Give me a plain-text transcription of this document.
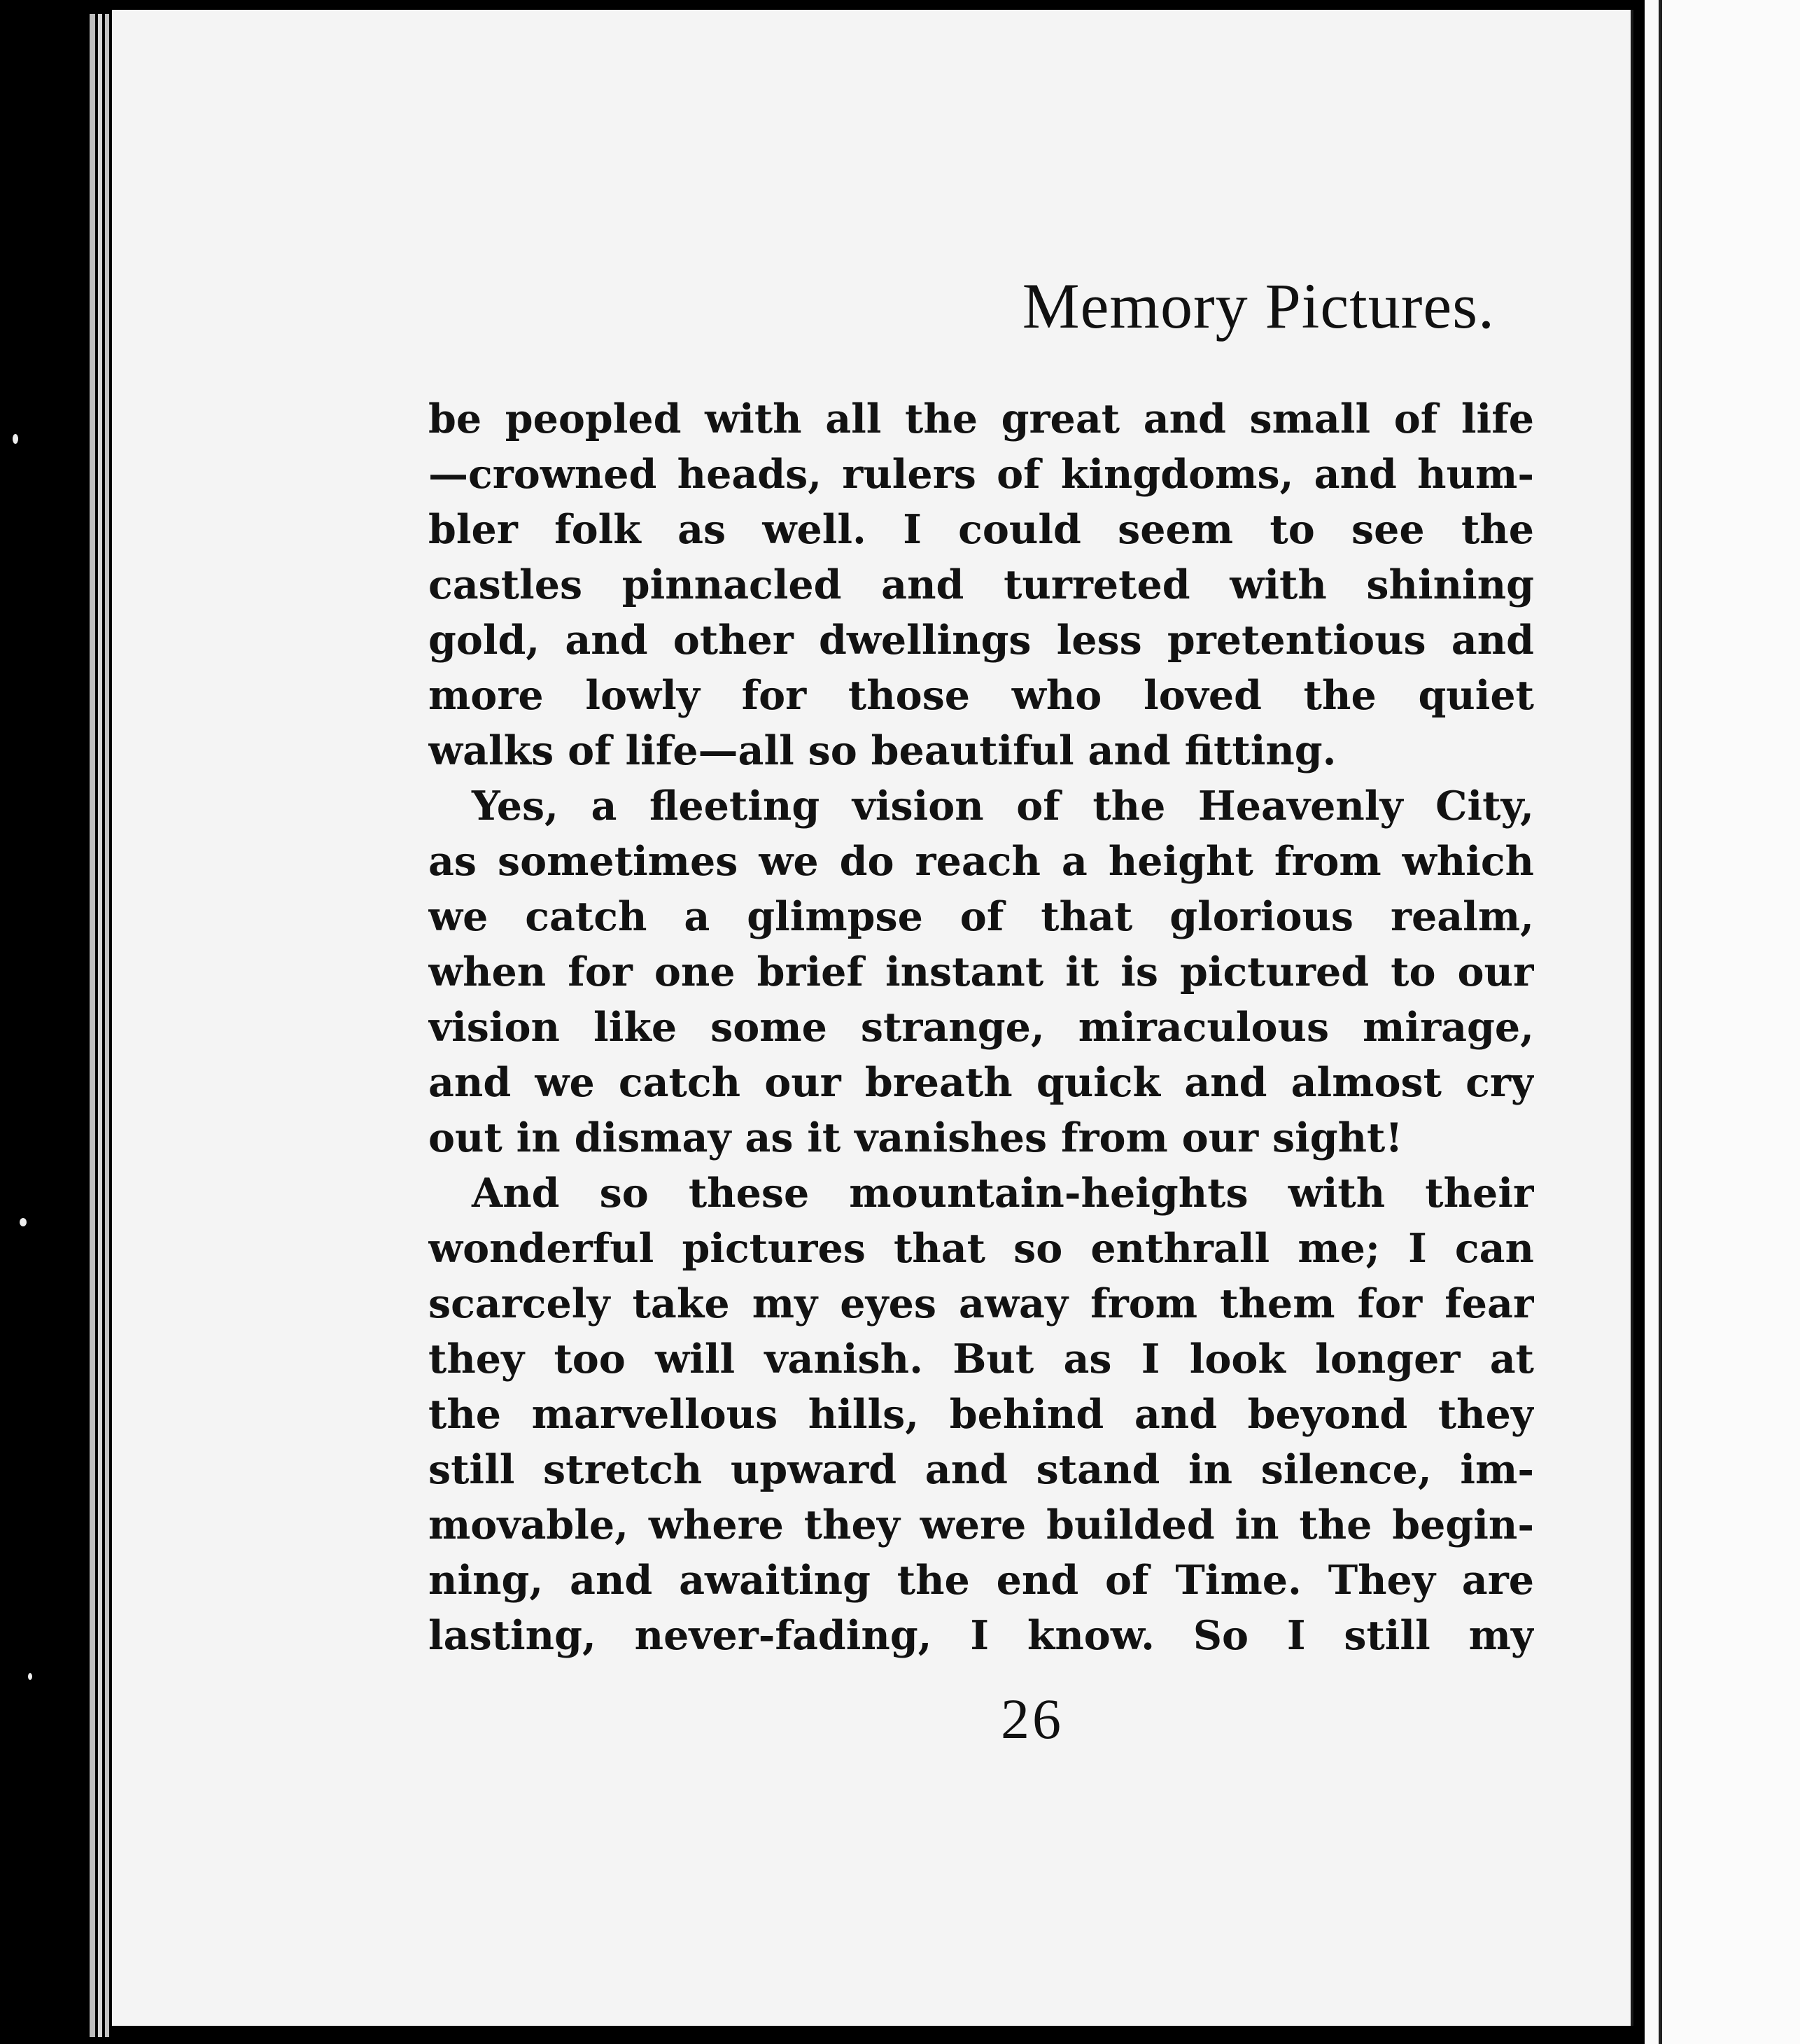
Memory Pictures.
be peopled with all the great and small of life
—crowned heads, rulers of kingdoms, and hum-
bler folk as well. I could seem to see the
castles pinnacled and turreted with shining
gold, and other dwellings less pretentious and
more lowly for those who loved the quiet
walks of life—all so beautiful and fitting.
Yes, a fleeting vision of the Heavenly City,
as sometimes we do reach a height from which
we catch a glimpse of that glorious realm,
when for one brief instant it is pictured to our
vision like some strange, miraculous mirage,
and we catch our breath quick and almost cry
out in dismay as it vanishes from our sight!
And so these mountain-heights with their
wonderful pictures that so enthrall me; I can
scarcely take my eyes away from them for fear
they too will vanish. But as I look longer at
the marvellous hills, behind and beyond they
still stretch upward and stand in silence, im-
movable, where they were builded in the begin-
ning, and awaiting the end of Time. They are
lasting, never-fading, I know. So I still my
26
